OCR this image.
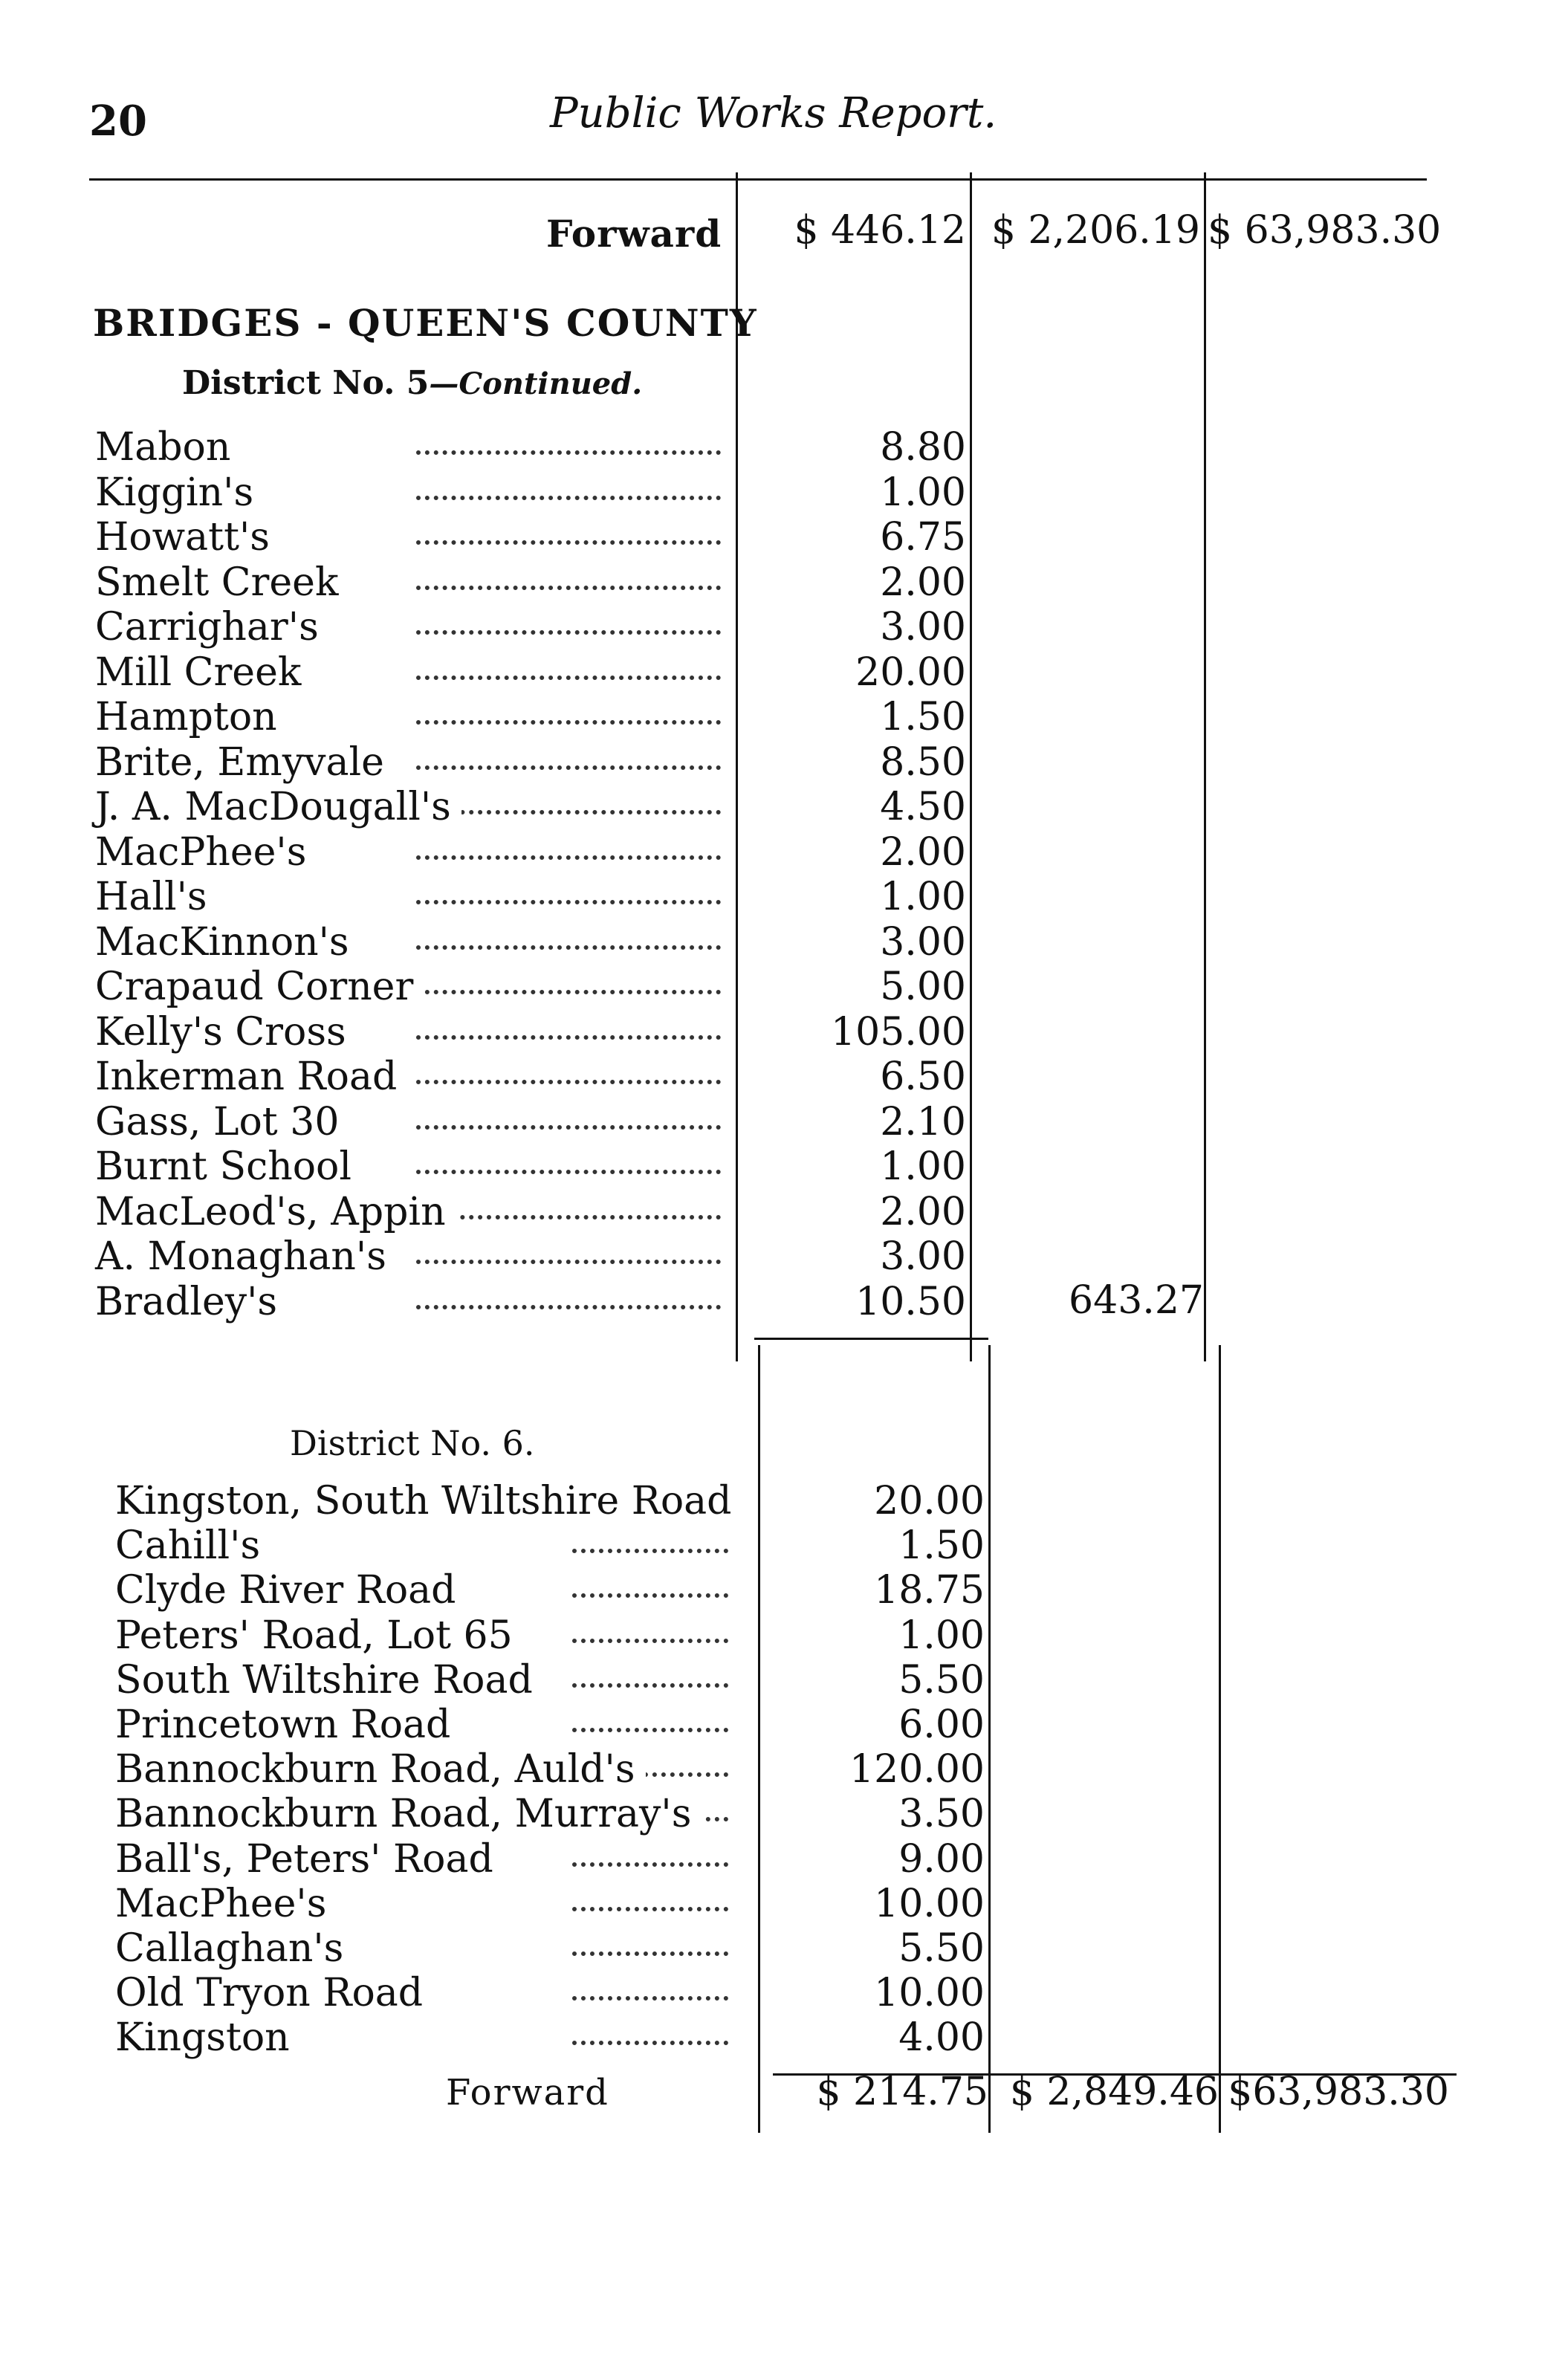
20	Public Works Report.
Forward	$ 446.12 $ 2,206.19 $ 63,983.30
BRIDGES - QUEEN'S COUNTY
District No. 5—Continued.
Mabon	8.80
Kiggin's	1.00
Howatt's	6.75
Smelt Creek	2.00
Carrighar's	3.00
Mill Creek	20.00
Hampton	1.50
Brite, Emyvale	8.50
J. A. MacDougall's	4.50
MacPhee's	2.00
Hall's	1.00
MacKinnon's	3.00
Crapaud Corner	5.00
Kelly's Cross	105.00
Inkerman Road	6.50
Gass, Lot 30	2.10
Burnt School	1.00
MacLeod's, Appin	2.00
A. Monaghan's	3.00
Bradley's	10.50	643.27
District No. 6.
Kingston, South Wiltshire Road	20.00
Cahill's	1.50
Clyde River Road	18.75
Peters' Road, Lot 65	1.00
South Wiltshire Road	5.50
Princetown Road	6.00
Bannockburn Road, Auld's	120.00
Bannockburn Road, Murray's	3.50
Ball's, Peters' Road	9.00
MacPhee's	10.00
Callaghan's	5.50
Old Tryon Road	10.00
Kingston	4.00
Forward	$ 214.75 $ 2,849.46 $63,983.30
